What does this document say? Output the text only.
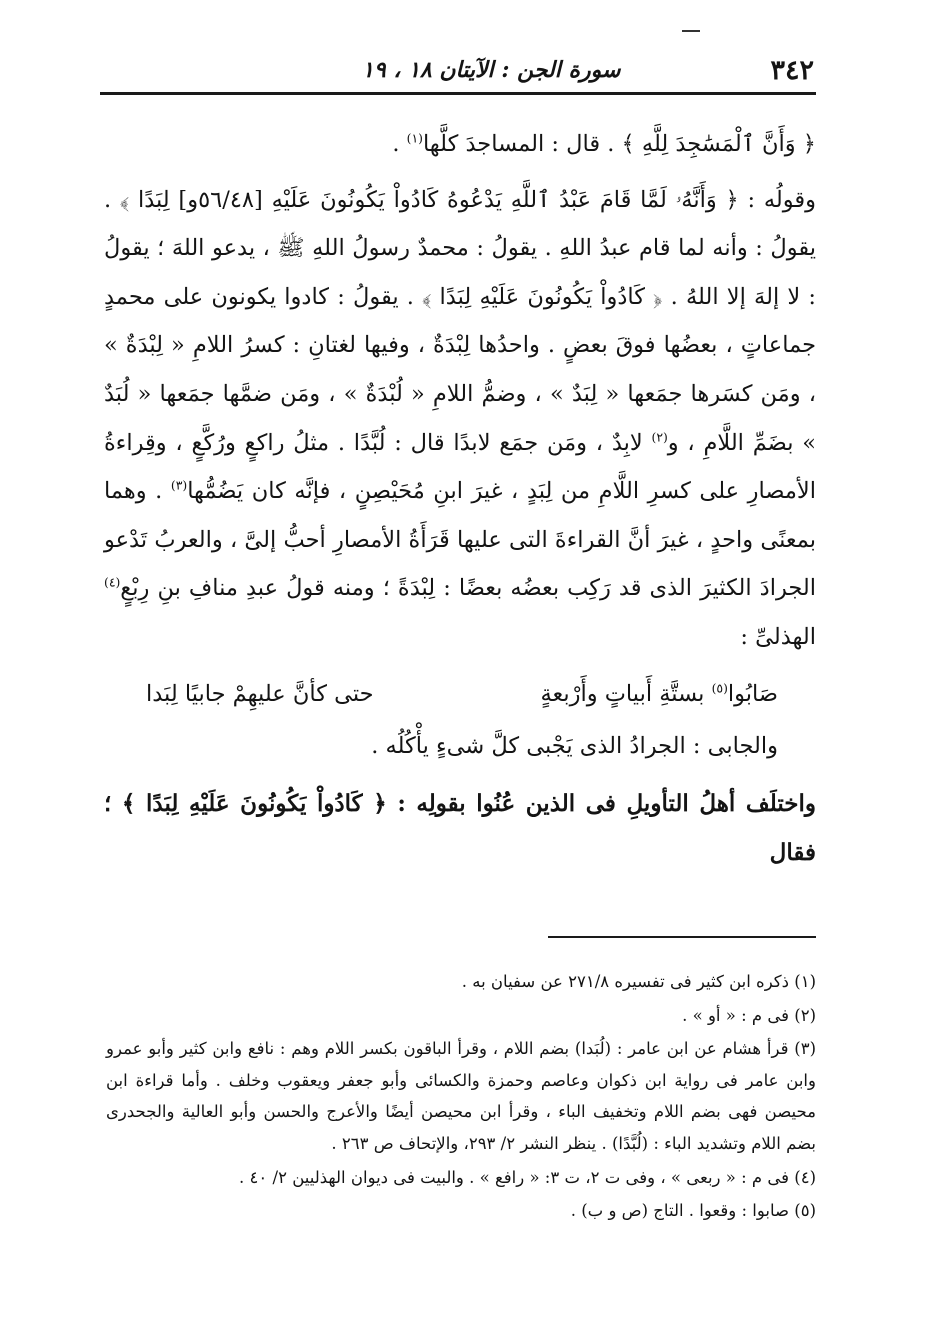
٣٤٢
سورة الجن : الآيتان ١٨ ، ١٩

﴿ وَأَنَّ ٱلْمَسَٰجِدَ لِلَّهِ ﴾ . قال : المساجدَ كلَّها$^{(١)}$ .

وقولُه : ﴿ وَأَنَّهُۥ لَمَّا قَامَ عَبْدُ ٱللَّهِ يَدْعُوهُ كَادُواْ يَكُونُونَ عَلَيْهِ [٥٦/٤٨و] لِبَدًا ﴾ . يقولُ : وأنه لما قام عبدُ اللهِ . يقولُ : محمدٌ رسولُ اللهِ ﷺ ، يدعو اللهَ ؛ يقولُ : لا إلهَ إلا اللهُ . ﴿ كَادُواْ يَكُونُونَ عَلَيْهِ لِبَدًا ﴾ . يقولُ : كادوا يكونون على محمدٍ جماعاتٍ ، بعضُها فوقَ بعضٍ . واحدُها لِبْدَةٌ ، وفيها لغتانِ : كسرُ اللامِ « لِبْدَةٌ » ، ومَن كسَرها جمَعها « لِبَدٌ » ، وضمُّ اللامِ « لُبْدَةٌ » ، ومَن ضمَّها جمَعها « لُبَدٌ » بضَمِّ اللَّامِ ، و$^{(٢)}$ لابِدٌ ، ومَن جمَع لابدًا قال : لُبَّدًا . مثلُ راكعٍ ورُكَّعٍ ، وقِراءةُ الأمصارِ على كسرِ اللَّامِ من لِبَدٍ ، غيرَ ابنِ مُحَيْصِنٍ ، فإنَّه كان يَضُمُّها$^{(٣)}$ . وهما بمعنًى واحدٍ ، غيرَ أنَّ القراءةَ التى عليها قَرَأَةُ الأمصارِ أحبُّ إلىَّ ، والعربُ تَدْعو الجرادَ الكثيرَ الذى قد رَكِب بعضُه بعضًا : لِبْدَةً ؛ ومنه قولُ عبدِ منافِ بنِ رِبْعٍ$^{(٤)}$ الهذلىِّ :

صَابُوا$^{(٥)}$ بستَّةِ أَبياتٍ وأَرْبعةٍ
حتى كأنَّ عليهِمْ جابيًا لِبَدا

والجابى : الجرادُ الذى يَجْبى كلَّ شىءٍ يأْكُلُه .

واختلَف أهلُ التأويلِ فى الذين عُنُوا بقولِه : ﴿ كَادُواْ يَكُونُونَ عَلَيْهِ لِبَدًا ﴾ ؛ فقال

(١) ذكره ابن كثير فى تفسيره ٢٧١/٨ عن سفيان به .

(٢) فى م : « أو » .

(٣) قرأ هشام عن ابن عامر : (لُبَدا) بضم اللام ، وقرأ الباقون بكسر اللام وهم : نافع وابن كثير وأبو عمرو وابن عامر فى رواية ابن ذكوان وعاصم وحمزة والكسائى وأبو جعفر ويعقوب وخلف . وأما قراءة ابن محيصن فهى بضم اللام وتخفيف الباء ، وقرأ ابن محيصن أيضًا والأعرج والحسن وأبو العالية والجحدرى بضم اللام وتشديد الباء : (لُبَّدًا) . ينظر النشر ٢/ ٢٩٣، والإتحاف ص ٢٦٣ .

(٤) فى م : « ربعى » ، وفى ت ٢، ت ٣: « رافع » . والبيت فى ديوان الهذليين ٢/ ٤٠ .

(٥) صابوا : وقعوا . التاج (ص و ب) .
